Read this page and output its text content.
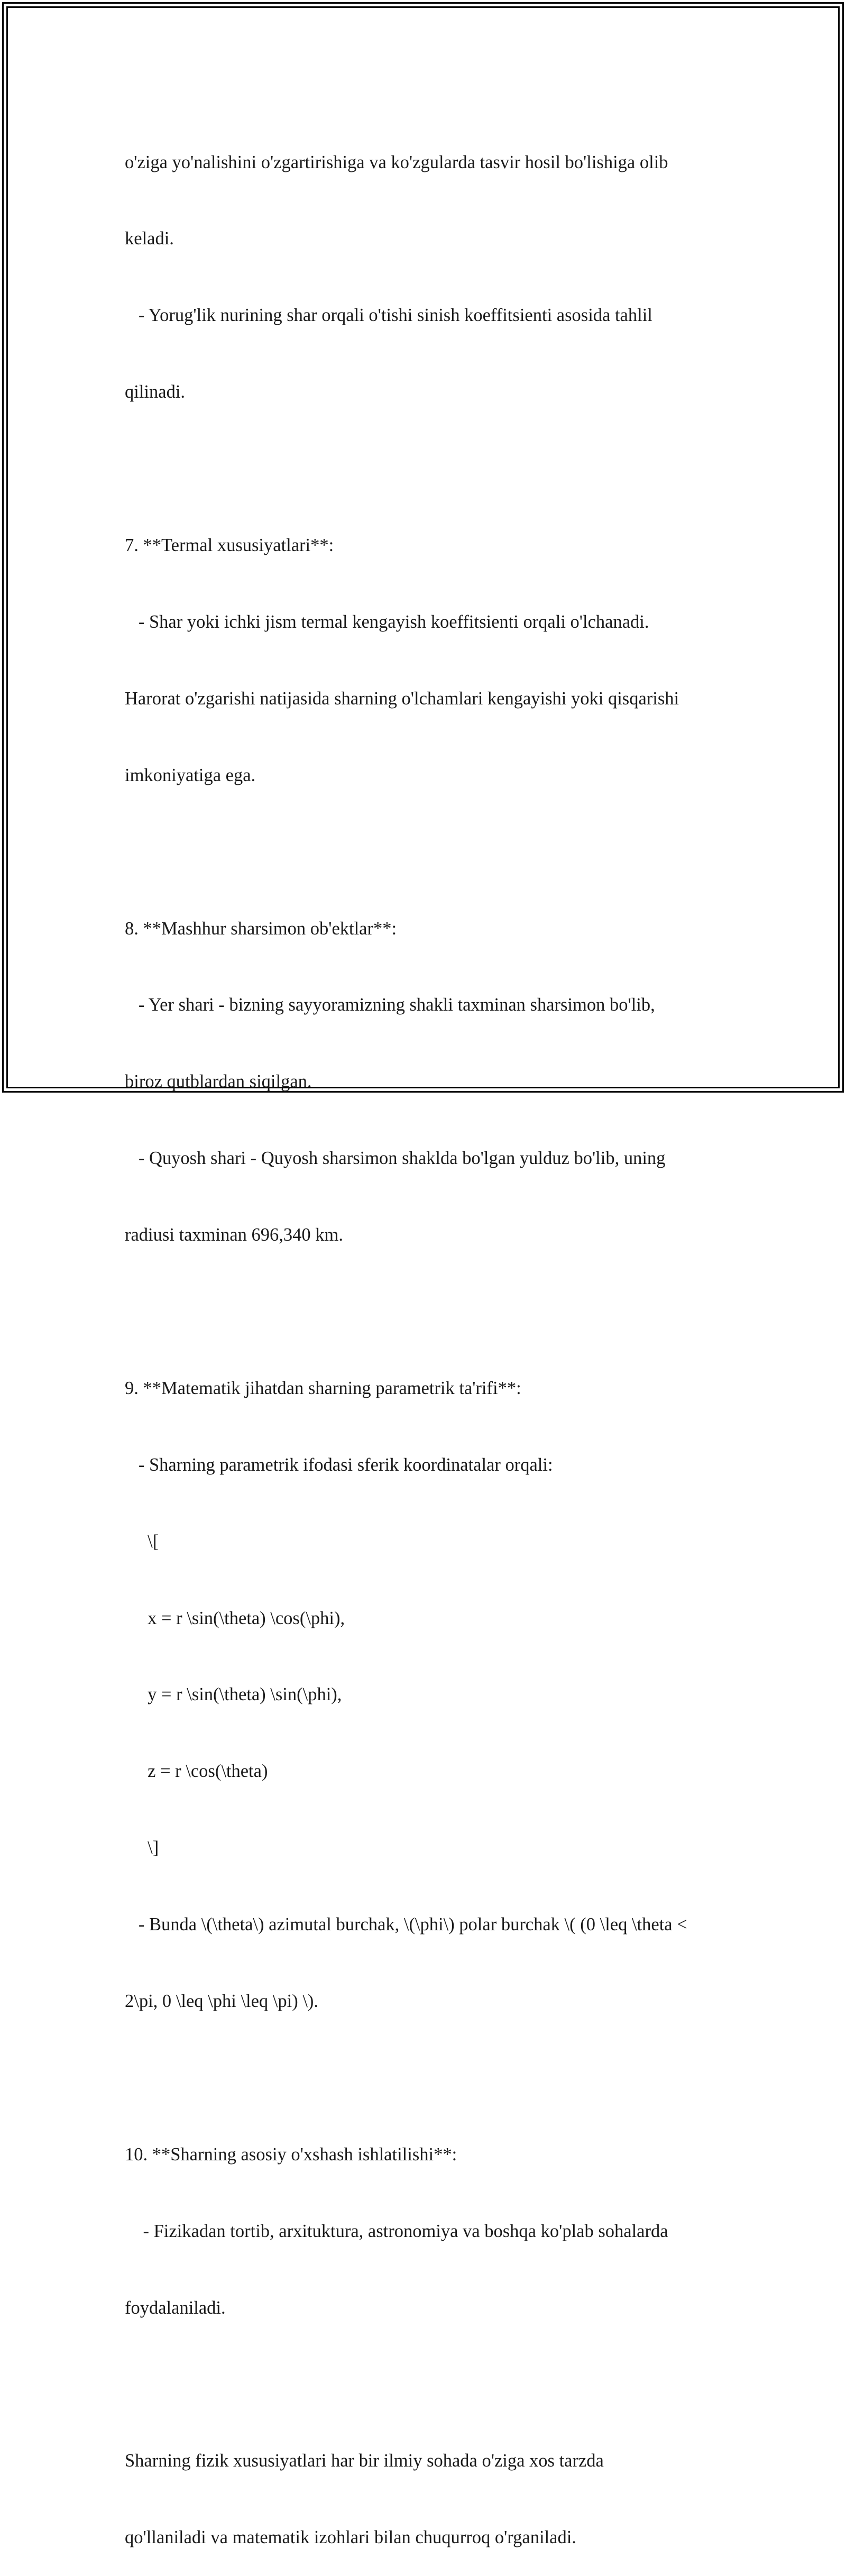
o'ziga yo'nalishini o'zgartirishiga va ko'zgularda tasvir hosil bo'lishiga olib

keladi.

- Yorug'lik nurining shar orqali o'tishi sinish koeffitsienti asosida tahlil

qilinadi.

7. **Termal xususiyatlari**:

- Shar yoki ichki jism termal kengayish koeffitsienti orqali o'lchanadi.

Harorat o'zgarishi natijasida sharning o'lchamlari kengayishi yoki qisqarishi

imkoniyatiga ega.

8. **Mashhur sharsimon ob'ektlar**:

- Yer shari - bizning sayyoramizning shakli taxminan sharsimon bo'lib,

biroz qutblardan siqilgan.

- Quyosh shari - Quyosh sharsimon shaklda bo'lgan yulduz bo'lib, uning

radiusi taxminan 696,340 km.

9. **Matematik jihatdan sharning parametrik ta'rifi**:

- Sharning parametrik ifodasi sferik koordinatalar orqali:

\[

x = r \sin(\theta) \cos(\phi),

y = r \sin(\theta) \sin(\phi),

z = r \cos(\theta)

\]

- Bunda \(\theta\) azimutal burchak, \(\phi\) polar burchak \( (0 \leq \theta <

2\pi, 0 \leq \phi \leq \pi) \).

10. **Sharning asosiy o'xshash ishlatilishi**:

- Fizikadan tortib, arxituktura, astronomiya va boshqa ko'plab sohalarda

foydalaniladi.

Sharning fizik xususiyatlari har bir ilmiy sohada o'ziga xos tarzda

qo'llaniladi va matematik izohlari bilan chuqurroq o'rganiladi.
